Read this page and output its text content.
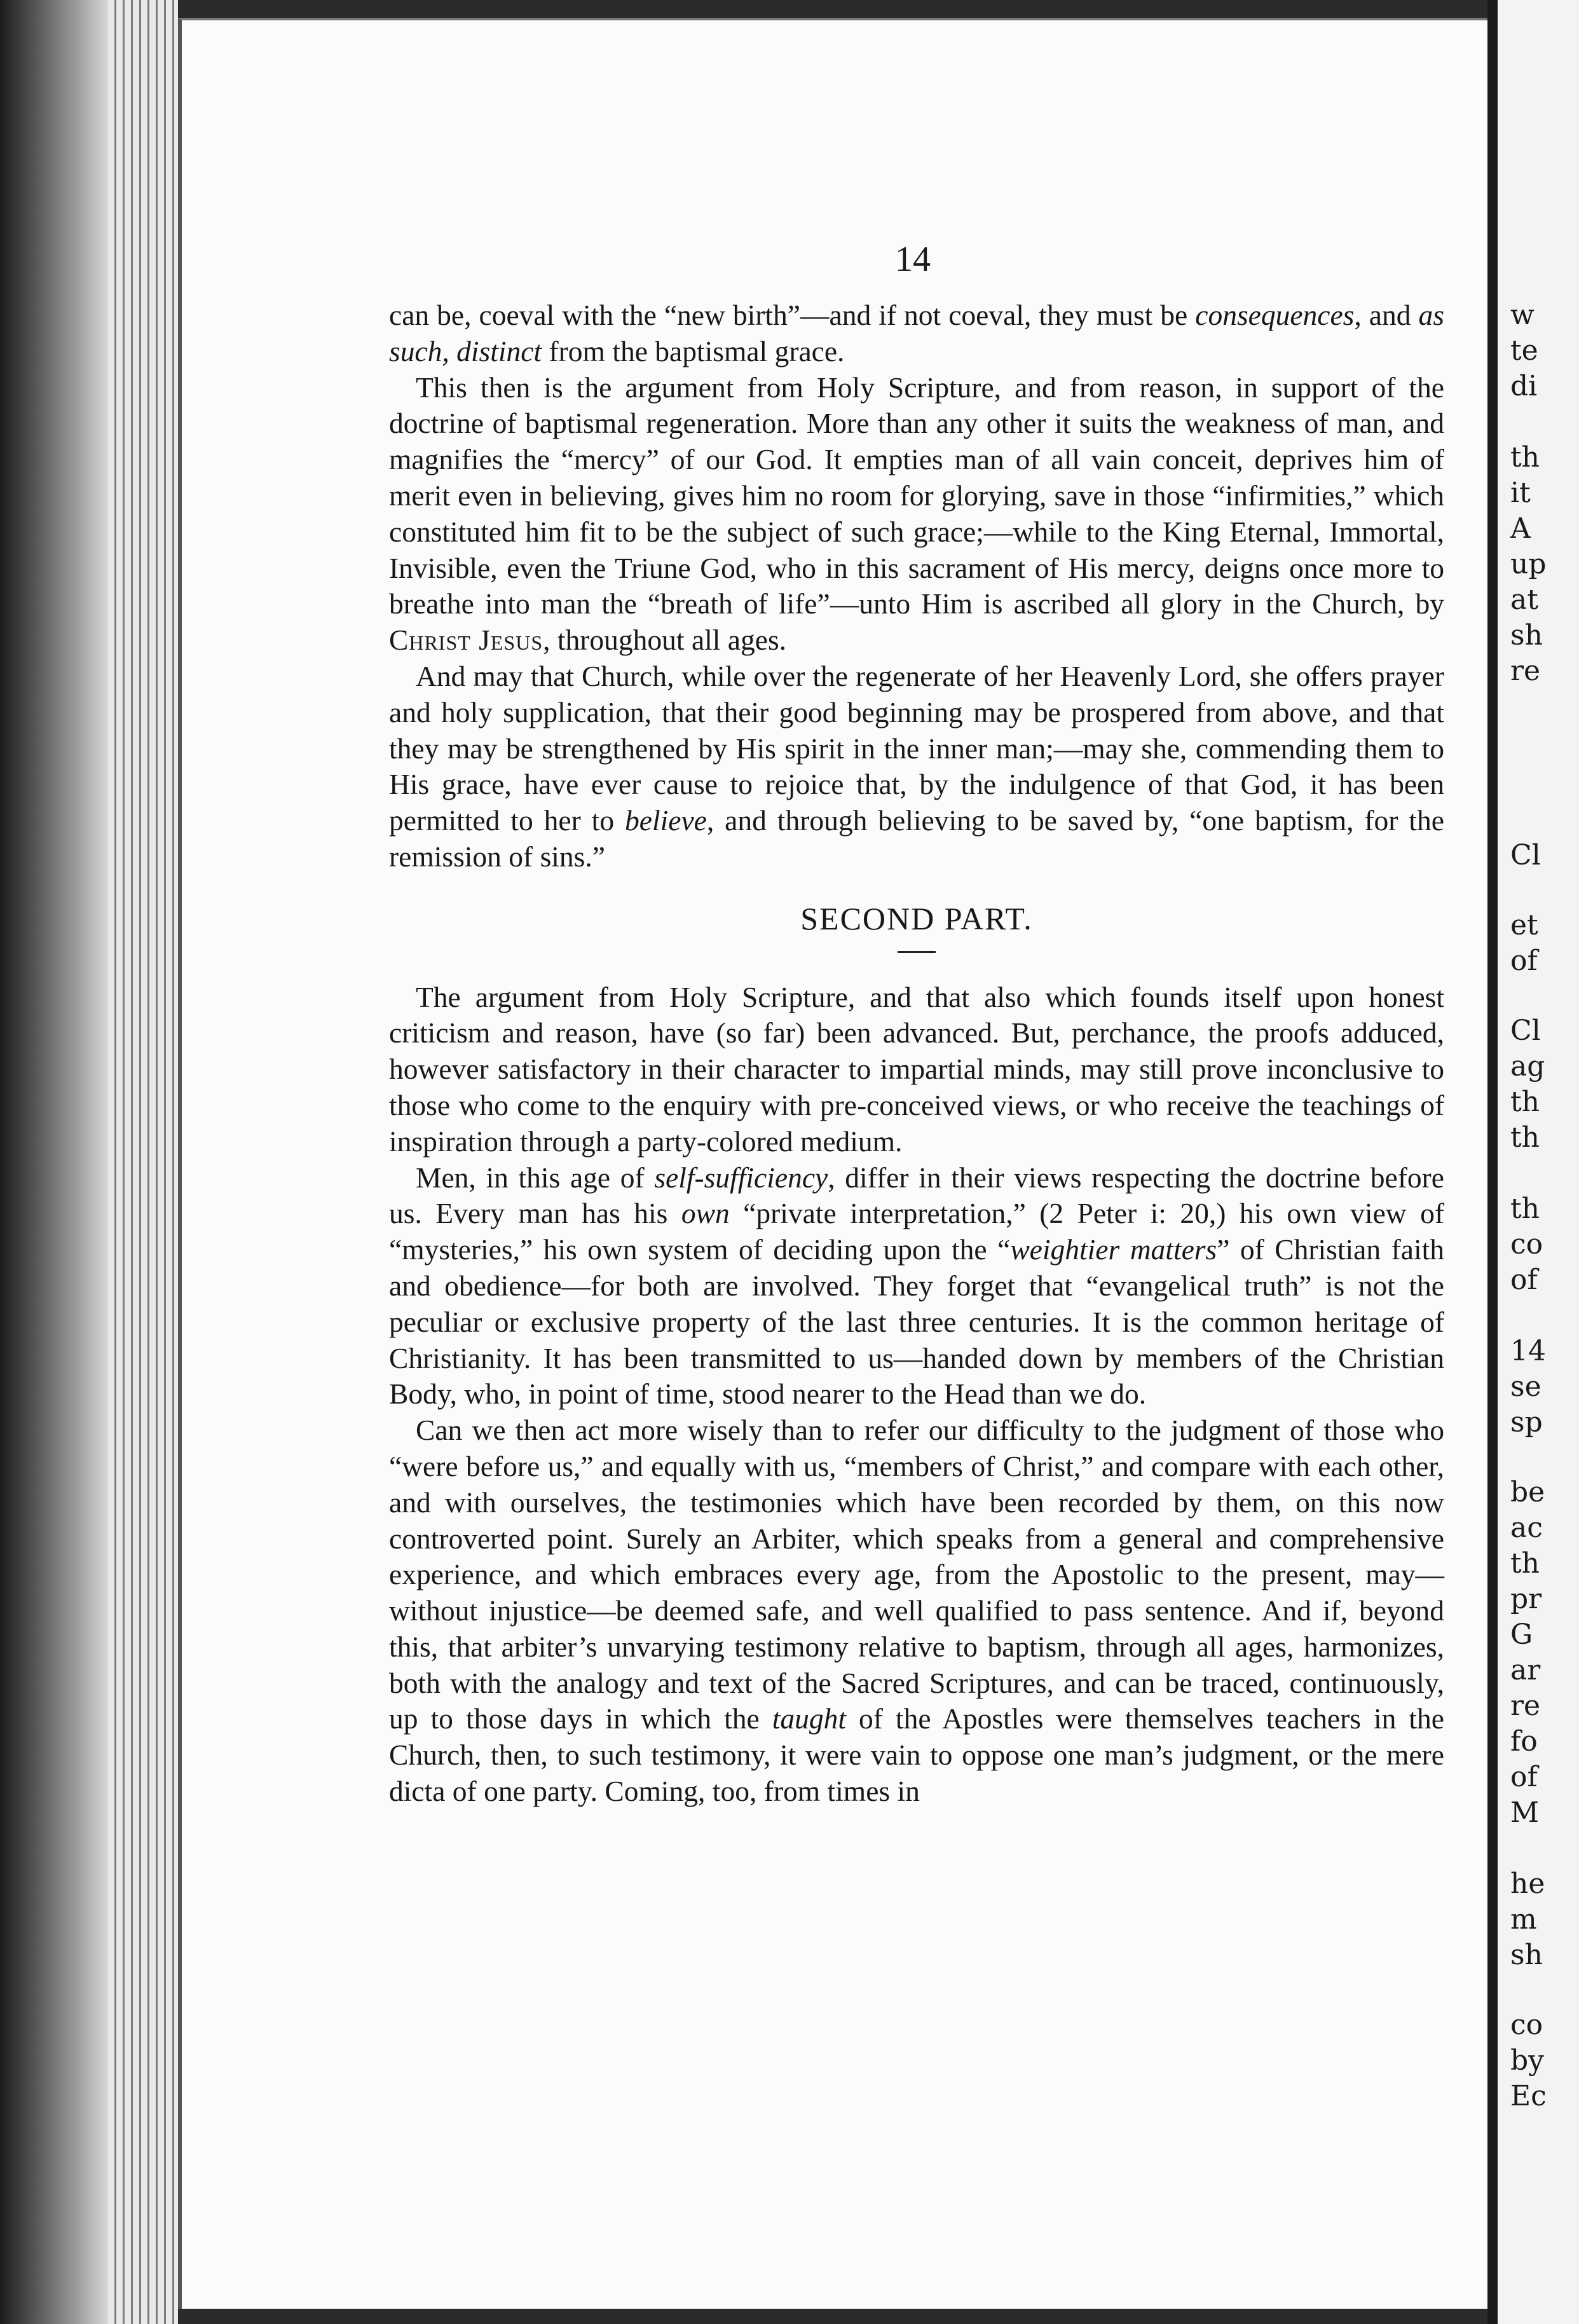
14

can be, coeval with the “new birth”—and if not coeval, they must be consequences, and as such, distinct from the baptismal grace.

This then is the argument from Holy Scripture, and from reason, in support of the doctrine of baptismal regeneration. More than any other it suits the weakness of man, and magnifies the “mercy” of our God. It empties man of all vain conceit, deprives him of merit even in believing, gives him no room for glorying, save in those “infirmities,” which constituted him fit to be the subject of such grace;—while to the King Eternal, Immortal, Invisible, even the Triune God, who in this sacrament of His mercy, deigns once more to breathe into man the “breath of life”—unto Him is ascribed all glory in the Church, by Christ Jesus, throughout all ages.

And may that Church, while over the regenerate of her Heavenly Lord, she offers prayer and holy supplication, that their good beginning may be prospered from above, and that they may be strengthened by His spirit in the inner man;—may she, commending them to His grace, have ever cause to rejoice that, by the indulgence of that God, it has been permitted to her to believe, and through believing to be saved by, “one baptism, for the remission of sins.”

SECOND PART.

The argument from Holy Scripture, and that also which founds itself upon honest criticism and reason, have (so far) been advanced. But, perchance, the proofs adduced, however satisfactory in their character to impartial minds, may still prove inconclusive to those who come to the enquiry with pre-conceived views, or who receive the teachings of inspiration through a party-colored medium.

Men, in this age of self-sufficiency, differ in their views respecting the doctrine before us. Every man has his own “private interpretation,” (2 Peter i: 20,) his own view of “mysteries,” his own system of deciding upon the “weightier matters” of Christian faith and obedience—for both are involved. They forget that “evangelical truth” is not the peculiar or exclusive property of the last three centuries. It is the common heritage of Christianity. It has been transmitted to us—handed down by members of the Christian Body, who, in point of time, stood nearer to the Head than we do.

Can we then act more wisely than to refer our difficulty to the judgment of those who “were before us,” and equally with us, “members of Christ,” and compare with each other, and with ourselves, the testimonies which have been recorded by them, on this now controverted point. Surely an Arbiter, which speaks from a general and comprehensive experience, and which embraces every age, from the Apostolic to the present, may—without injustice—be deemed safe, and well qualified to pass sentence. And if, beyond this, that arbiter’s unvarying testimony relative to baptism, through all ages, harmonizes, both with the analogy and text of the Sacred Scriptures, and can be traced, continuously, up to those days in which the taught of the Apostles were themselves teachers in the Church, then, to such testimony, it were vain to oppose one man’s judgment, or the mere dicta of one party. Coming, too, from times in

w
te
di
th
it
A
up
at
sh
re
Cl
et
of
Cl
ag
th
th
th
co
of
14
se
sp
be
ac
th
pr
G
ar
re
fo
of
M
he
m
sh
co
by
Ec
